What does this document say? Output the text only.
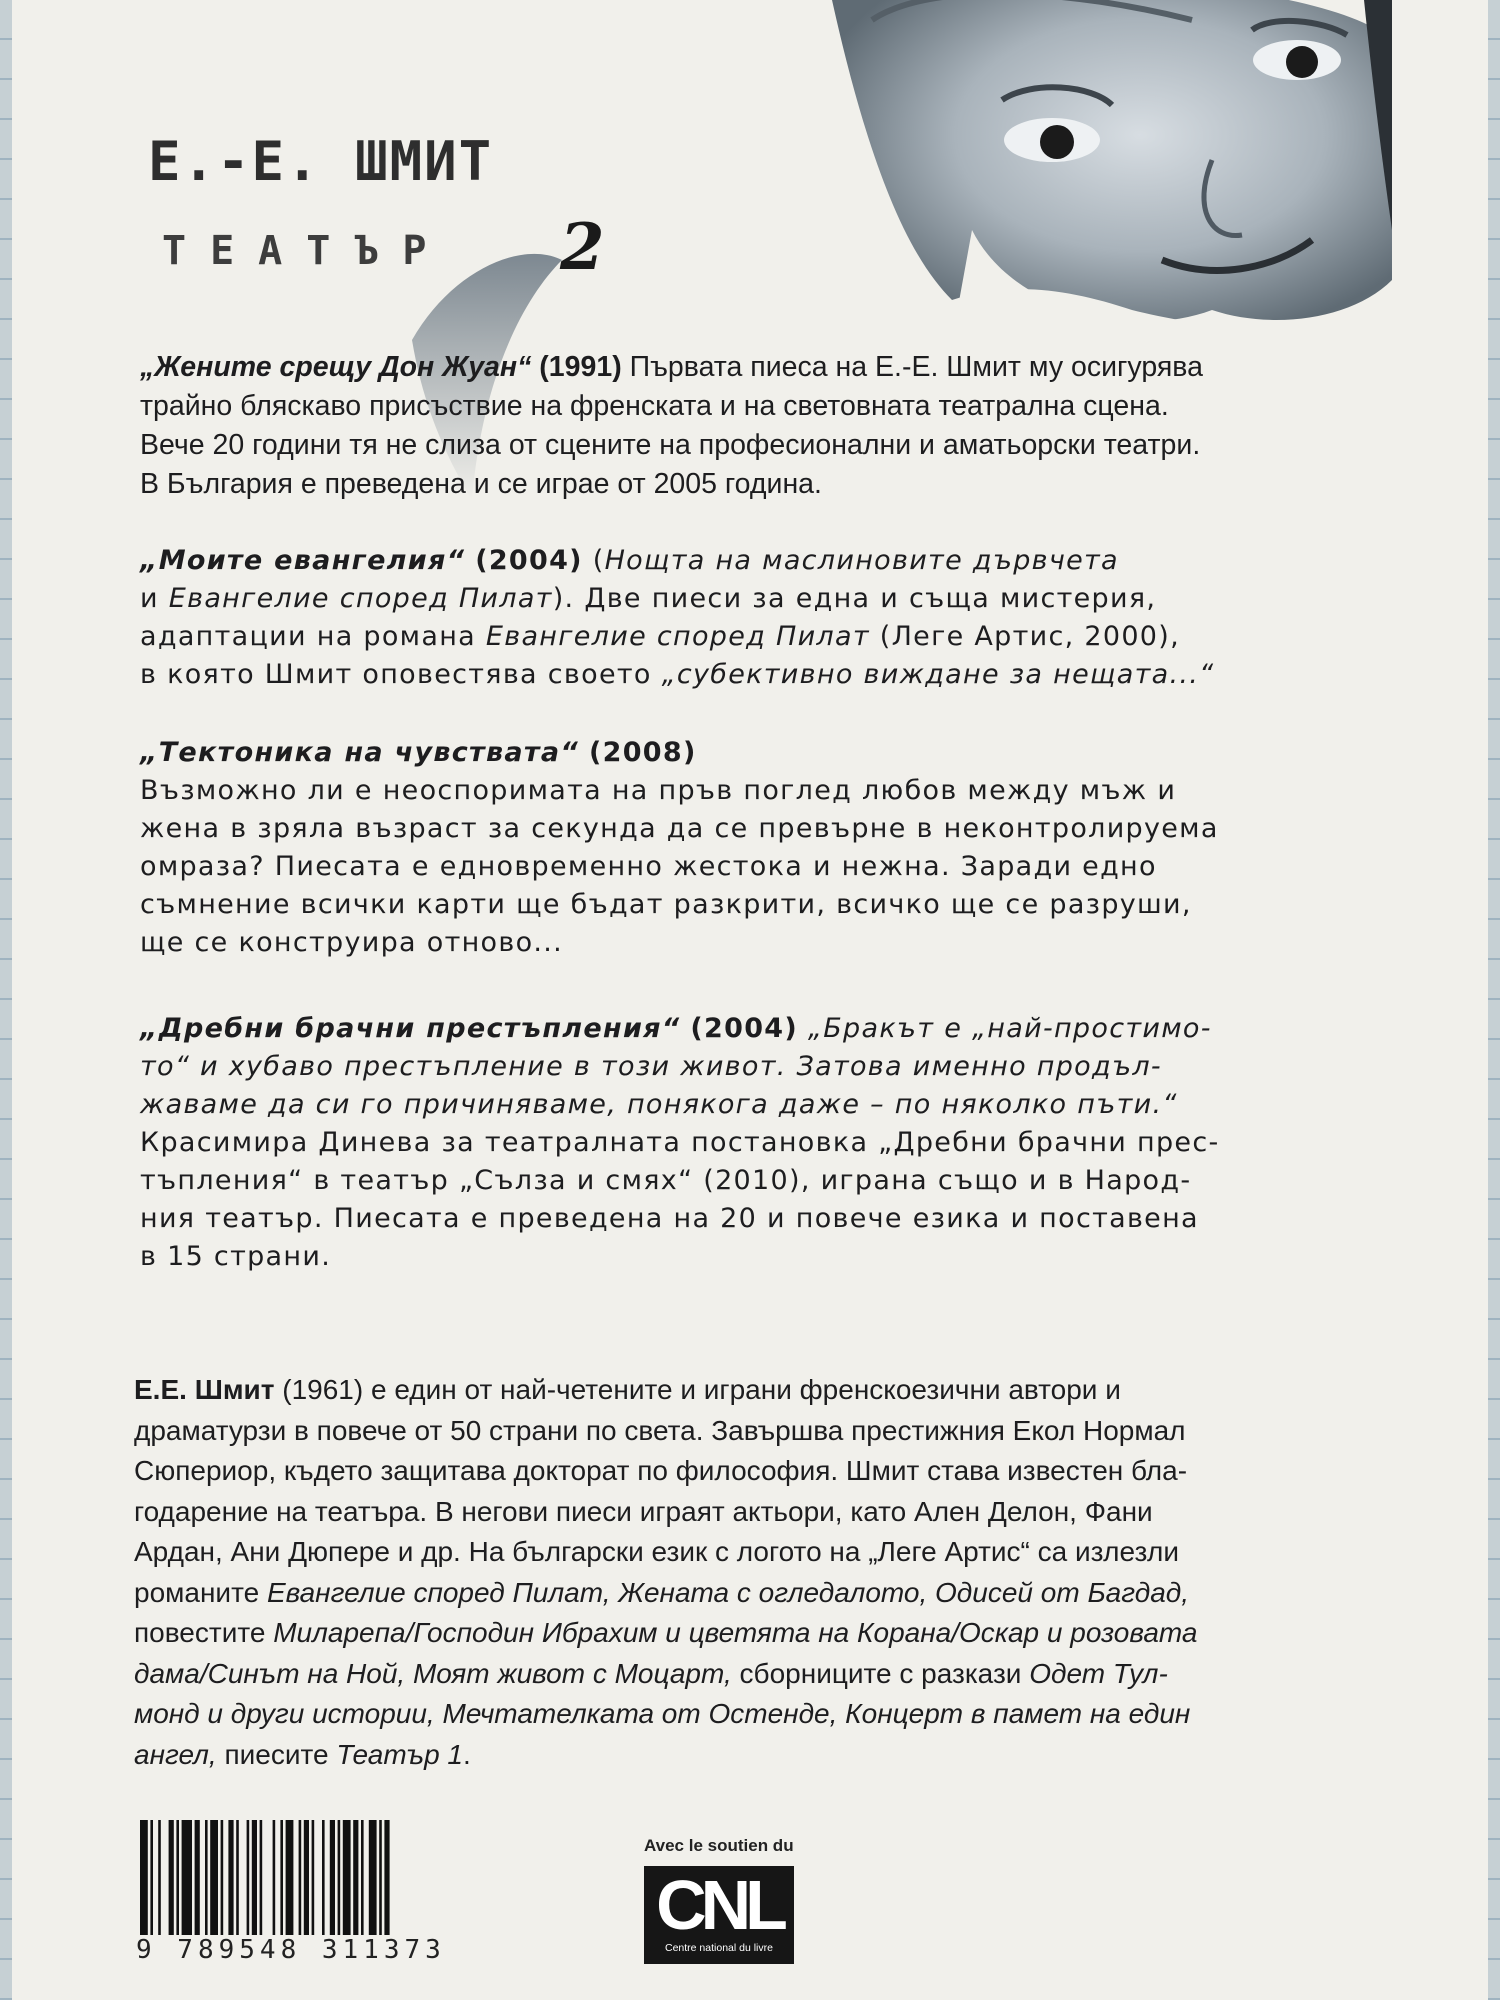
Е.-Е. ШМИТ
ТЕАТЪР 2

„Жените срещу Дон Жуан“ (1991) Първата пиеса на Е.-Е. Шмит му осигурява
трайно бляскаво присъствие на френската и на световната театрална сцена.
Вече 20 години тя не слиза от сцените на професионални и аматьорски театри.
В България е преведена и се играе от 2005 година.

„Моите евангелия“ (2004) (Нощта на маслиновите дървчета
и Евангелие според Пилат). Две пиеси за една и съща мистерия,
адаптации на романа Евангелие според Пилат (Леге Артис, 2000),
в която Шмит оповестява своето „субективно виждане за нещата...“

„Тектоника на чувствата“ (2008)
Възможно ли е неоспоримата на пръв поглед любов между мъж и
жена в зряла възраст за секунда да се превърне в неконтролируема
омраза? Пиесата е едновременно жестока и нежна. Заради едно
съмнение всички карти ще бъдат разкрити, всичко ще се разруши,
ще се конструира отново...

„Дребни брачни престъпления“ (2004) „Бракът е „най-простимо-
то“ и хубаво престъпление в този живот. Затова именно продъл-
жаваме да си го причиняваме, понякога даже – по няколко пъти.“
Красимира Динева за театралната постановка „Дребни брачни прес-
тъпления“ в театър „Сълза и смях“ (2010), играна също и в Народ-
ния театър. Пиесата е преведена на 20 и повече езика и поставена
в 15 страни.

Е.Е. Шмит (1961) е един от най-четените и играни френскоезични автори и
драматурзи в повече от 50 страни по света. Завършва престижния Екол Нормал
Сюпериор, където защитава докторат по философия. Шмит става известен бла-
годарение на театъра. В негови пиеси играят актьори, като Ален Делон, Фани
Ардан, Ани Дюпере и др. На български език с логото на „Леге Артис“ са излезли
романите Евангелие според Пилат, Жената с огледалото, Одисей от Багдад,
повестите Миларепа/Господин Ибрахим и цветята на Корана/Оскар и розовата
дама/Синът на Ной, Моят живот с Моцарт, сборниците с разкази Одет Тул-
монд и други истории, Мечтателката от Остенде, Концерт в памет на един
ангел, пиесите Театър 1.

9 789548 311373
Avec le soutien du
CNL
Centre national du livre
